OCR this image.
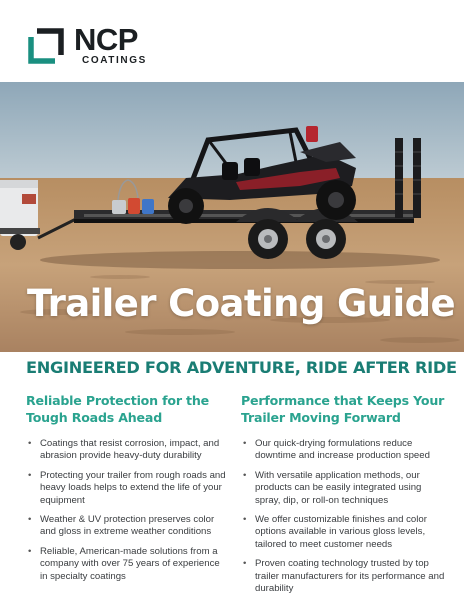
NCP
COATINGS
Trailer Coating Guide
ENGINEERED FOR ADVENTURE, RIDE AFTER RIDE
Reliable Protection for the Tough Roads Ahead
• Coatings that resist corrosion, impact, and abrasion provide heavy-duty durability
• Protecting your trailer from rough roads and heavy loads helps to extend the life of your equipment
• Weather & UV protection preserves color and gloss in extreme weather conditions
• Reliable, American-made solutions from a company with over 75 years of experience in specialty coatings
Performance that Keeps Your Trailer Moving Forward
• Our quick-drying formulations reduce downtime and increase production speed
• With versatile application methods, our products can be easily integrated using spray, dip, or roll-on techniques
• We offer customizable finishes and color options available in various gloss levels, tailored to meet customer needs
• Proven coating technology trusted by top trailer manufacturers for its performance and durability
